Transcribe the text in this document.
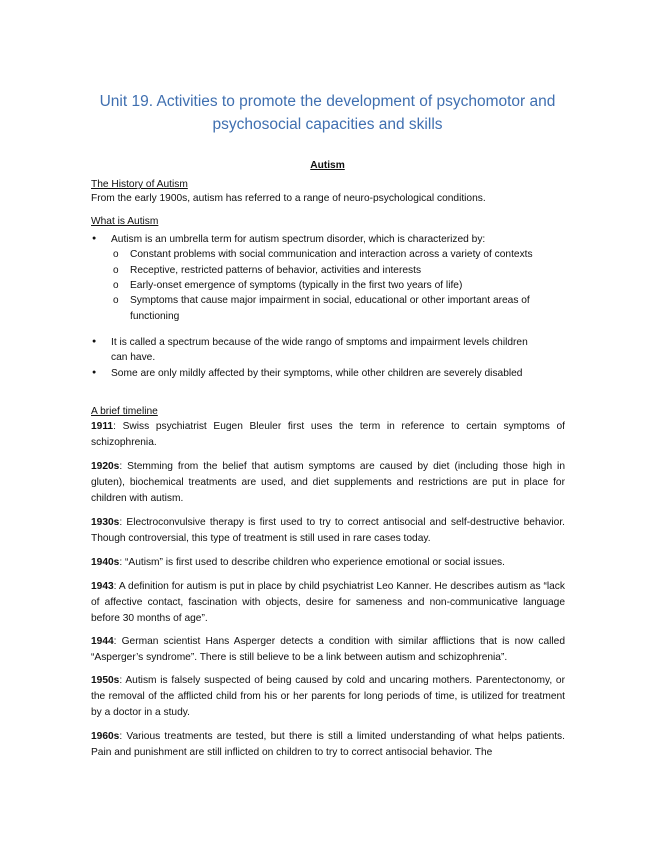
Unit 19. Activities to promote the development of psychomotor and psychosocial capacities and skills
Autism
The History of Autism
From the early 1900s, autism has referred to a range of neuro-psychological conditions.
What is Autism
● Autism is an umbrella term for autism spectrum disorder, which is characterized by:
o Constant problems with social communication and interaction across a variety of contexts
o Receptive, restricted patterns of behavior, activities and interests
o Early-onset emergence of symptoms (typically in the first two years of life)
o Symptoms that cause major impairment in social, educational or other important areas of
functioning
● It is called a spectrum because of the wide rango of smptoms and impairment levels children
can have.
● Some are only mildly affected by their symptoms, while other children are severely disabled
A brief timeline
1911: Swiss psychiatrist Eugen Bleuler first uses the term in reference to certain symptoms of schizophrenia.
1920s: Stemming from the belief that autism symptoms are caused by diet (including those high in gluten), biochemical treatments are used, and diet supplements and restrictions are put in place for children with autism.
1930s: Electroconvulsive therapy is first used to try to correct antisocial and self-destructive behavior. Though controversial, this type of treatment is still used in rare cases today.
1940s: “Autism” is first used to describe children who experience emotional or social issues.
1943: A definition for autism is put in place by child psychiatrist Leo Kanner. He describes autism as “lack of affective contact, fascination with objects, desire for sameness and non-communicative language before 30 months of age”.
1944: German scientist Hans Asperger detects a condition with similar afflictions that is now called “Asperger’s syndrome”. There is still believe to be a link between autism and schizophrenia”.
1950s: Autism is falsely suspected of being caused by cold and uncaring mothers. Parentectonomy, or the removal of the afflicted child from his or her parents for long periods of time, is utilized for treatment by a doctor in a study.
1960s: Various treatments are tested, but there is still a limited understanding of what helps patients. Pain and punishment are still inflicted on children to try to correct antisocial behavior. The
